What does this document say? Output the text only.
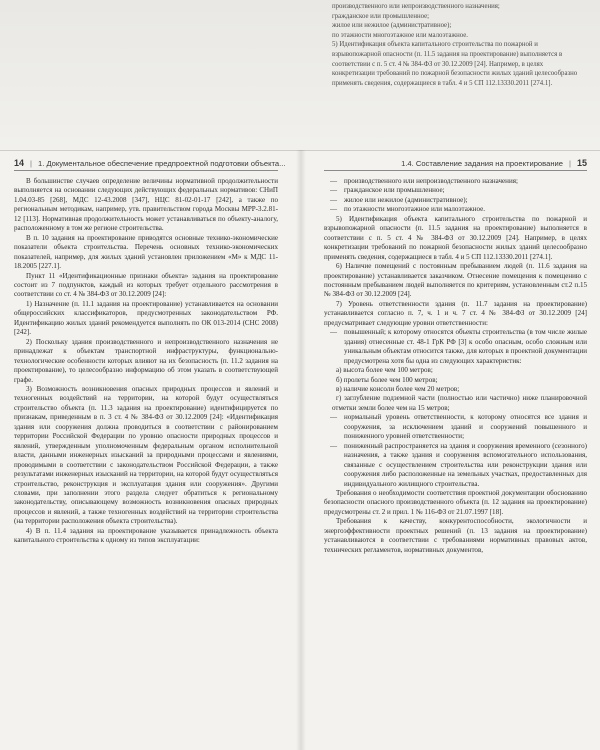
производственного или непроизводственного назначения;

гражданское или промышленное;

жилое или нежилое (административное);

по этажности многоэтажное или малоэтажное.

5) Идентификация объекта капитального строительства по пожарной и взрывопожарной опасности (п. 11.5 задания на проектирование) выполняется в соответствии с п. 5 ст. 4 № 384-ФЗ от 30.12.2009 [24]. Например, в целях конкретизации требований по пожарной безопасности жилых зданий целесообразно применять сведения, содержащиеся в табл. 4 и 5 СП 112.13330.2011 [274.1].

14 | 1. Документальное обеспечение предпроектной подготовки объекта...

В большинстве случаев определение величины нормативной продолжительности выполняется на основании следующих действующих федеральных нормативов: СНиП 1.04.03-85 [268], МДС 12-43.2008 [347], НЦС 81-02-01-17 [242], а также по региональным методикам, например, утв. правительством города Москвы МРР-3.2.81-12 [113]. Нормативная продолжительность может устанавливаться по объекту-аналогу, расположенному в том же регионе строительства.

В п. 10 задания на проектирование приводятся основные технико-экономические показатели объекта строительства. Перечень основных технико-экономических показателей, например, для жилых зданий установлен приложением «М» к МДС 11-18.2005 [227.1].

Пункт 11 «Идентификационные признаки объекта» задания на проектирование состоит из 7 подпунктов, каждый из которых требует отдельного рассмотрения в соответствии со ст. 4 № 384-ФЗ от 30.12.2009 [24]:

1) Назначение (п. 11.1 задания на проектирование) устанавливается на основании общероссийских классификаторов, предусмотренных законодательством РФ. Идентификацию жилых зданий рекомендуется выполнять по ОК 013-2014 (СНС 2008) [242].

2) Поскольку здания производственного и непроизводственного назначения не принадлежат к объектам транспортной инфраструктуры, функционально-технологические особенности которых влияют на их безопасность (п. 11.2 задания на проектирование), то целесообразно информацию об этом указать в соответствующей графе.

3) Возможность возникновения опасных природных процессов и явлений и техногенных воздействий на территории, на которой будут осуществляться строительство объекта (п. 11.3 задания на проектирование) идентифицируется по признакам, приведенным в п. 3 ст. 4 № 384-ФЗ от 30.12.2009 [24]: «Идентификация здания или сооружения должна проводиться в соответствии с районированием территории Российской Федерации по уровню опасности природных процессов и явлений, утвержденным уполномоченным федеральным органом исполнительной власти, данными инженерных изысканий за природными процессами и явлениями, проводимыми в соответствии с законодательством Российской Федерации, а также результатами инженерных изысканий на территории, на которой будут осуществляться строительство, реконструкция и эксплуатация здания или сооружения». Другими словами, при заполнении этого раздела следует обратиться к региональному законодательству, описывающему возможность возникновения опасных природных процессов и явлений, а также техногенных воздействий на территории строительства (на территории расположения объекта строительства).

4) В п. 11.4 задания на проектирование указывается принадлежность объекта капитального строительства к одному из типов эксплуатации:

1.4. Составление задания на проектирование | 15

— производственного или непроизводственного назначения;

— гражданское или промышленное;

— жилое или нежилое (административное);

— по этажности многоэтажное или малоэтажное.

5) Идентификация объекта капитального строительства по пожарной и взрывопожарной опасности (п. 11.5 задания на проектирование) выполняется в соответствии с п. 5 ст. 4 № 384-ФЗ от 30.12.2009 [24]. Например, в целях конкретизации требований по пожарной безопасности жилых зданий целесообразно применять сведения, содержащиеся в табл. 4 и 5 СП 112.13330.2011 [274.1].

6) Наличие помещений с постоянным пребыванием людей (п. 11.6 задания на проектирование) устанавливается заказчиком. Отнесение помещения к помещению с постоянным пребыванием людей выполняется по критериям, установленным ст.2 п.15 № 384-ФЗ от 30.12.2009 [24].

7) Уровень ответственности здания (п. 11.7 задания на проектирование) устанавливается согласно п. 7, ч. 1 и ч. 7 ст. 4 № 384-ФЗ от 30.12.2009 [24] предусматривает следующие уровни ответственности:

— повышенный; к которому относятся объекты строительства (в том числе жилые здания) отнесенные ст. 48-1 ГрК РФ [3] к особо опасным, особо сложным или уникальным объектам относится также, для которых в проектной документации предусмотрена хотя бы одна из следующих характеристик:

а) высота более чем 100 метров;

б) пролеты более чем 100 метров;

в) наличие консоли более чем 20 метров;

г) заглубление подземной части (полностью или частично) ниже планировочной отметки земли более чем на 15 метров;

— нормальный уровень ответственности, к которому относятся все здания и сооружения, за исключением зданий и сооружений повышенного и пониженного уровней ответственности;

— пониженный распространяется на здания и сооружения временного (сезонного) назначения, а также здания и сооружения вспомогательного использования, связанные с осуществлением строительства или реконструкции здания или сооружения либо расположенные на земельных участках, предоставленных для индивидуального жилищного строительства.

Требования о необходимости соответствия проектной документации обоснованию безопасности опасного производственного объекта (п. 12 задания на проектирование) предусмотрены ст. 2 и прил. 1 № 116-ФЗ от 21.07.1997 [18].

Требования к качеству, конкурентоспособности, экологичности и энергоэффективности проектных решений (п. 13 задания на проектирование) устанавливаются в соответствии с требованиями нормативных правовых актов, технических регламентов, нормативных документов,
